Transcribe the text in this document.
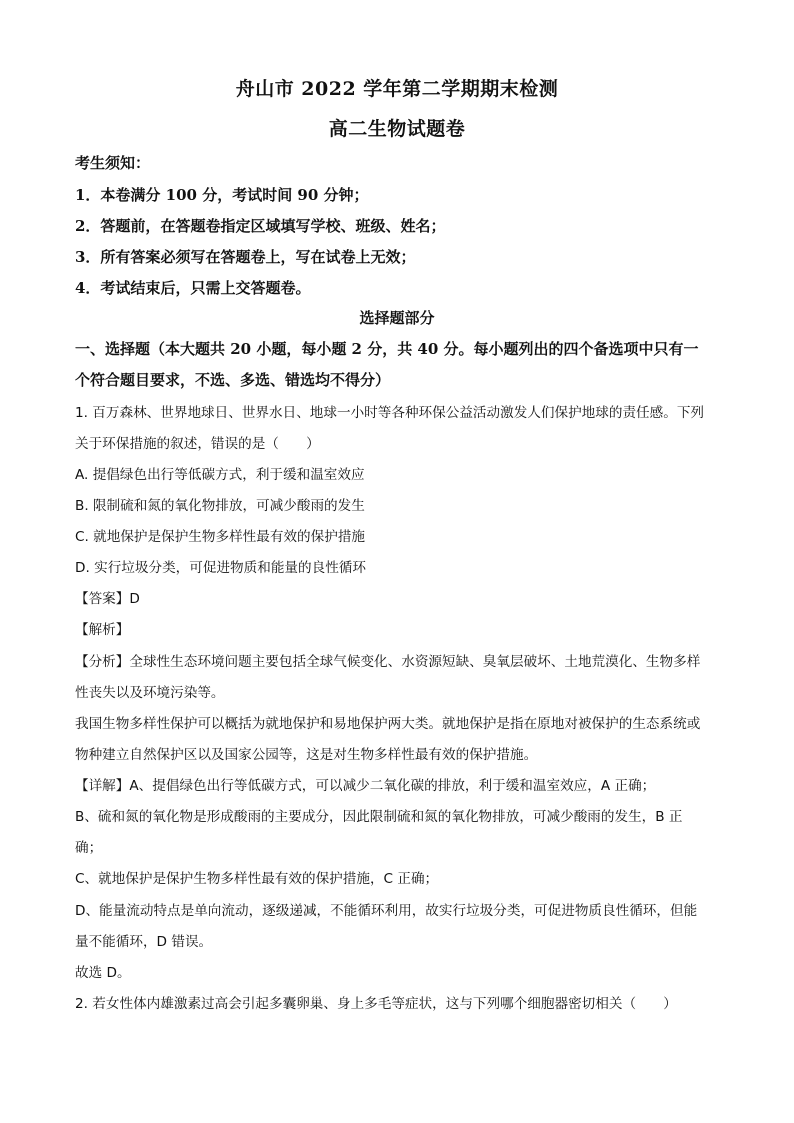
舟山市 2022 学年第二学期期末检测
高二生物试题卷
考生须知：
1．本卷满分 100 分，考试时间 90 分钟；
2．答题前，在答题卷指定区域填写学校、班级、姓名；
3．所有答案必须写在答题卷上，写在试卷上无效；
4．考试结束后，只需上交答题卷。
选择题部分
一、选择题（本大题共 20 小题，每小题 2 分，共 40 分。每小题列出的四个备选项中只有一
个符合题目要求，不选、多选、错选均不得分）
1. 百万森林、世界地球日、世界水日、地球一小时等各种环保公益活动激发人们保护地球的责任感。下列
关于环保措施的叙述，错误的是（　　）
A. 提倡绿色出行等低碳方式，利于缓和温室效应
B. 限制硫和氮的氧化物排放，可减少酸雨的发生
C. 就地保护是保护生物多样性最有效的保护措施
D. 实行垃圾分类，可促进物质和能量的良性循环
【答案】D
【解析】
【分析】全球性生态环境问题主要包括全球气候变化、水资源短缺、臭氧层破坏、土地荒漠化、生物多样
性丧失以及环境污染等。
我国生物多样性保护可以概括为就地保护和易地保护两大类。就地保护是指在原地对被保护的生态系统或
物种建立自然保护区以及国家公园等，这是对生物多样性最有效的保护措施。
【详解】A、提倡绿色出行等低碳方式，可以减少二氧化碳的排放，利于缓和温室效应，A 正确；
B、硫和氮的氧化物是形成酸雨的主要成分，因此限制硫和氮的氧化物排放，可减少酸雨的发生，B 正
确；
C、就地保护是保护生物多样性最有效的保护措施，C 正确；
D、能量流动特点是单向流动，逐级递减，不能循环利用，故实行垃圾分类，可促进物质良性循环，但能
量不能循环，D 错误。
故选 D。
2. 若女性体内雄激素过高会引起多囊卵巢、身上多毛等症状，这与下列哪个细胞器密切相关（　　）
